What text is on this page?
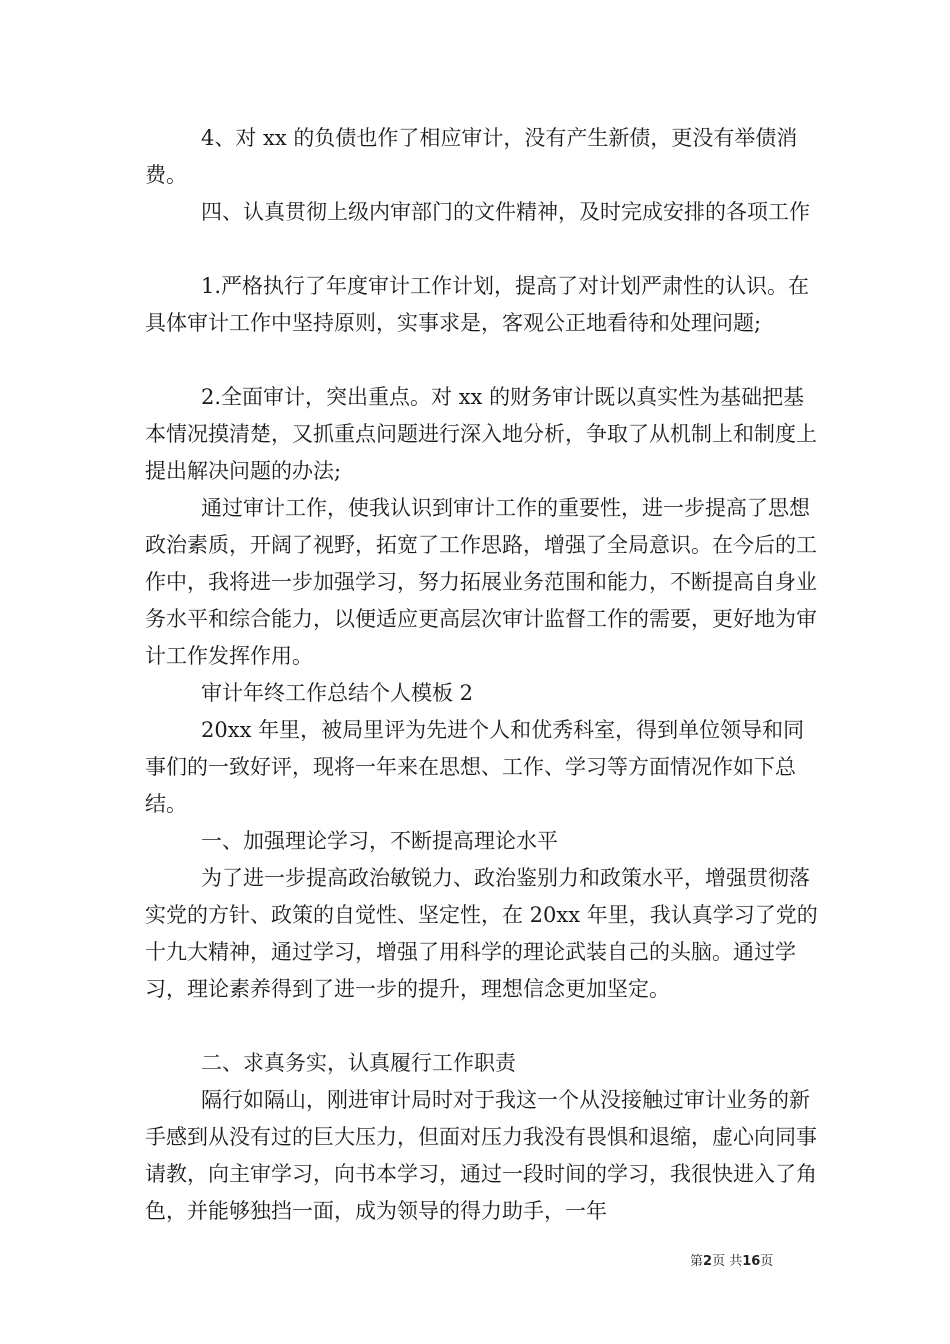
4、对 xx 的负债也作了相应审计，没有产生新债，更没有举债消费。

四、认真贯彻上级内审部门的文件精神，及时完成安排的各项工作

1.严格执行了年度审计工作计划，提高了对计划严肃性的认识。在具体审计工作中坚持原则，实事求是，客观公正地看待和处理问题;

2.全面审计，突出重点。对 xx 的财务审计既以真实性为基础把基本情况摸清楚，又抓重点问题进行深入地分析，争取了从机制上和制度上提出解决问题的办法;

通过审计工作，使我认识到审计工作的重要性，进一步提高了思想政治素质，开阔了视野，拓宽了工作思路，增强了全局意识。在今后的工作中，我将进一步加强学习，努力拓展业务范围和能力，不断提高自身业务水平和综合能力，以便适应更高层次审计监督工作的需要，更好地为审计工作发挥作用。

审计年终工作总结个人模板 2

20xx 年里，被局里评为先进个人和优秀科室，得到单位领导和同事们的一致好评，现将一年来在思想、工作、学习等方面情况作如下总结。

一、加强理论学习，不断提高理论水平

为了进一步提高政治敏锐力、政治鉴别力和政策水平，增强贯彻落实党的方针、政策的自觉性、坚定性，在 20xx 年里，我认真学习了党的十九大精神，通过学习，增强了用科学的理论武装自己的头脑。通过学习，理论素养得到了进一步的提升，理想信念更加坚定。

二、求真务实，认真履行工作职责

隔行如隔山，刚进审计局时对于我这一个从没接触过审计业务的新手感到从没有过的巨大压力，但面对压力我没有畏惧和退缩，虚心向同事请教，向主审学习，向书本学习，通过一段时间的学习，我很快进入了角色，并能够独挡一面，成为领导的得力助手，一年

第2页 共16页
